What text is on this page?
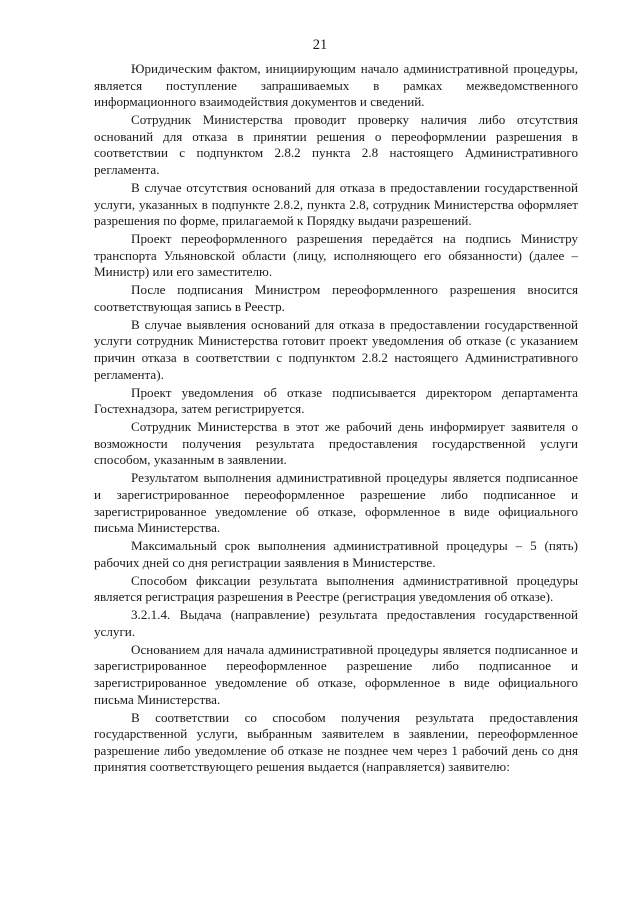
21

Юридическим фактом, инициирующим начало административной процедуры, является поступление запрашиваемых в рамках межведомственного информационного взаимодействия документов и сведений.

Сотрудник Министерства проводит проверку наличия либо отсутствия оснований для отказа в принятии решения о переоформлении разрешения в соответствии с подпунктом 2.8.2 пункта 2.8 настоящего Административного регламента.

В случае отсутствия оснований для отказа в предоставлении государственной услуги, указанных в подпункте 2.8.2, пункта 2.8, сотрудник Министерства оформляет разрешения по форме, прилагаемой к Порядку выдачи разрешений.

Проект переоформленного разрешения передаётся на подпись Министру транспорта Ульяновской области (лицу, исполняющего его обязанности) (далее – Министр) или его заместителю.

После подписания Министром переоформленного разрешения вносится соответствующая запись в Реестр.

В случае выявления оснований для отказа в предоставлении государственной услуги сотрудник Министерства готовит проект уведомления об отказе (с указанием причин отказа в соответствии с подпунктом 2.8.2 настоящего Административного регламента).

Проект уведомления об отказе подписывается директором департамента Гостехнадзора, затем регистрируется.

Сотрудник Министерства в этот же рабочий день информирует заявителя о возможности получения результата предоставления государственной услуги способом, указанным в заявлении.

Результатом выполнения административной процедуры является подписанное и зарегистрированное переоформленное разрешение либо подписанное и зарегистрированное уведомление об отказе, оформленное в виде официального письма Министерства.

Максимальный срок выполнения административной процедуры – 5 (пять) рабочих дней со дня регистрации заявления в Министерстве.

Способом фиксации результата выполнения административной процедуры является регистрация разрешения в Реестре (регистрация уведомления об отказе).

3.2.1.4. Выдача (направление) результата предоставления государственной услуги.

Основанием для начала административной процедуры является подписанное и зарегистрированное переоформленное разрешение либо подписанное и зарегистрированное уведомление об отказе, оформленное в виде официального письма Министерства.

В соответствии со способом получения результата предоставления государственной услуги, выбранным заявителем в заявлении, переоформленное разрешение либо уведомление об отказе не позднее чем через 1 рабочий день со дня принятия соответствующего решения выдается (направляется) заявителю:
